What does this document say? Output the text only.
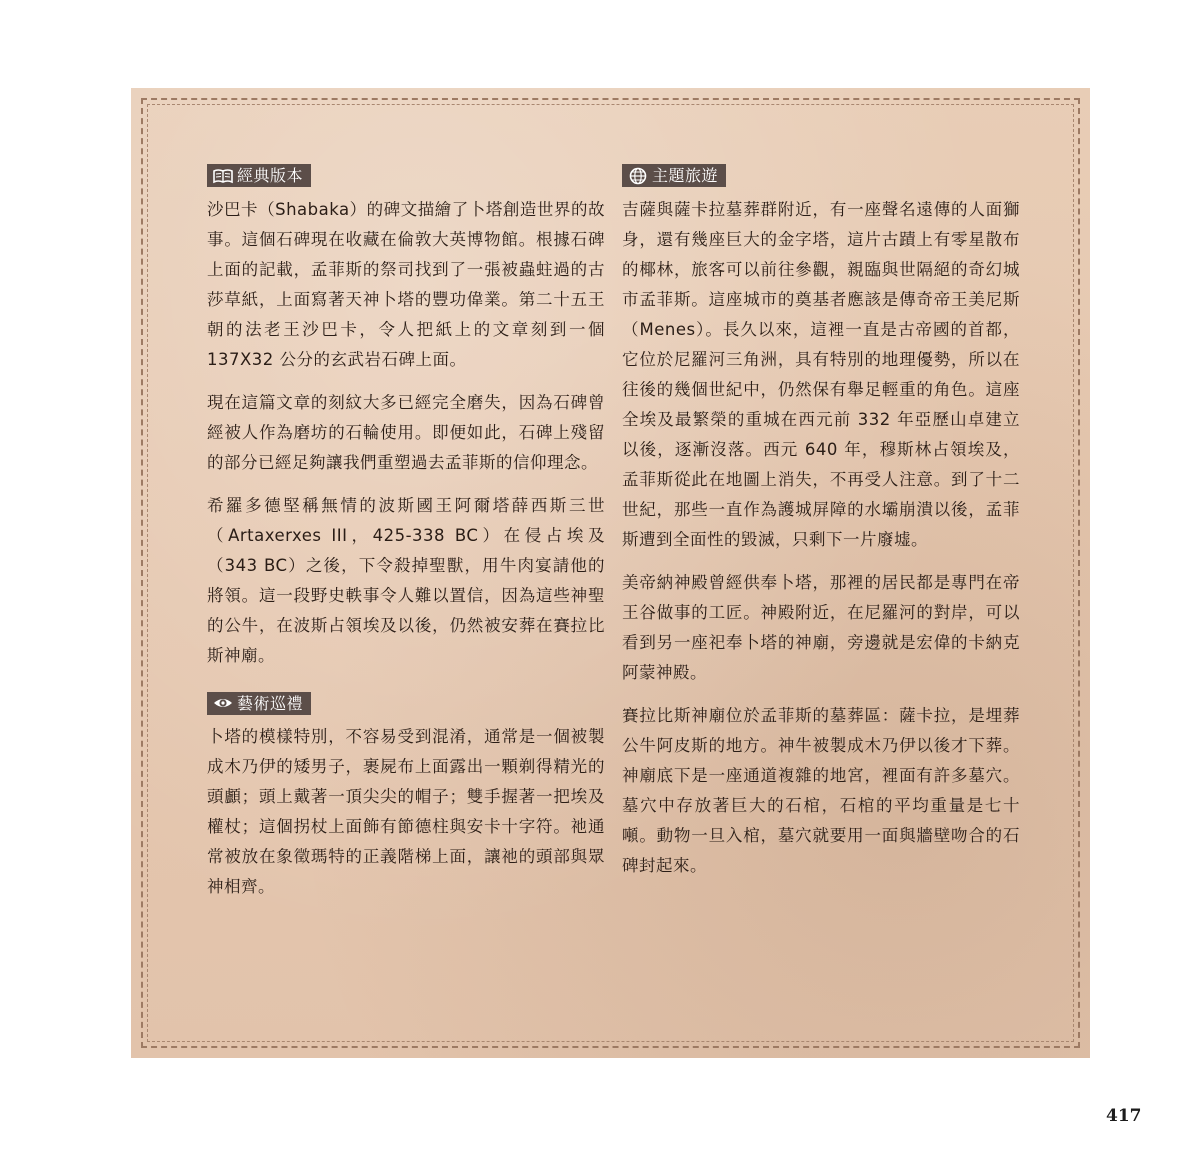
經典版本

沙巴卡（Shabaka）的碑文描繪了卜塔創造世界的故事。這個石碑現在收藏在倫敦大英博物館。根據石碑上面的記載，孟菲斯的祭司找到了一張被蟲蛀過的古莎草紙，上面寫著天神卜塔的豐功偉業。第二十五王朝的法老王沙巴卡，令人把紙上的文章刻到一個 137X32 公分的玄武岩石碑上面。

現在這篇文章的刻紋大多已經完全磨失，因為石碑曾經被人作為磨坊的石輪使用。即便如此，石碑上殘留的部分已經足夠讓我們重塑過去孟菲斯的信仰理念。

希羅多德堅稱無情的波斯國王阿爾塔薛西斯三世（Artaxerxes III，425-338 BC）在侵占埃及（343 BC）之後，下令殺掉聖獸，用牛肉宴請他的將領。這一段野史軼事令人難以置信，因為這些神聖的公牛，在波斯占領埃及以後，仍然被安葬在賽拉比斯神廟。

藝術巡禮

卜塔的模樣特別，不容易受到混淆，通常是一個被製成木乃伊的矮男子，裹屍布上面露出一顆剃得精光的頭顱；頭上戴著一頂尖尖的帽子；雙手握著一把埃及權杖；這個拐杖上面飾有節德柱與安卡十字符。祂通常被放在象徵瑪特的正義階梯上面，讓祂的頭部與眾神相齊。

主題旅遊

吉薩與薩卡拉墓葬群附近，有一座聲名遠傳的人面獅身，還有幾座巨大的金字塔，這片古蹟上有零星散布的椰林，旅客可以前往參觀，親臨與世隔絕的奇幻城市孟菲斯。這座城市的奠基者應該是傳奇帝王美尼斯（Menes）。長久以來，這裡一直是古帝國的首都，它位於尼羅河三角洲，具有特別的地理優勢，所以在往後的幾個世紀中，仍然保有舉足輕重的角色。這座全埃及最繁榮的重城在西元前 332 年亞歷山卓建立以後，逐漸沒落。西元 640 年，穆斯林占領埃及，孟菲斯從此在地圖上消失，不再受人注意。到了十二世紀，那些一直作為護城屏障的水壩崩潰以後，孟菲斯遭到全面性的毀滅，只剩下一片廢墟。

美帝納神殿曾經供奉卜塔，那裡的居民都是專門在帝王谷做事的工匠。神殿附近，在尼羅河的對岸，可以看到另一座祀奉卜塔的神廟，旁邊就是宏偉的卡納克阿蒙神殿。

賽拉比斯神廟位於孟菲斯的墓葬區：薩卡拉，是埋葬公牛阿皮斯的地方。神牛被製成木乃伊以後才下葬。神廟底下是一座通道複雜的地宮，裡面有許多墓穴。墓穴中存放著巨大的石棺，石棺的平均重量是七十噸。動物一旦入棺，墓穴就要用一面與牆壁吻合的石碑封起來。

417
